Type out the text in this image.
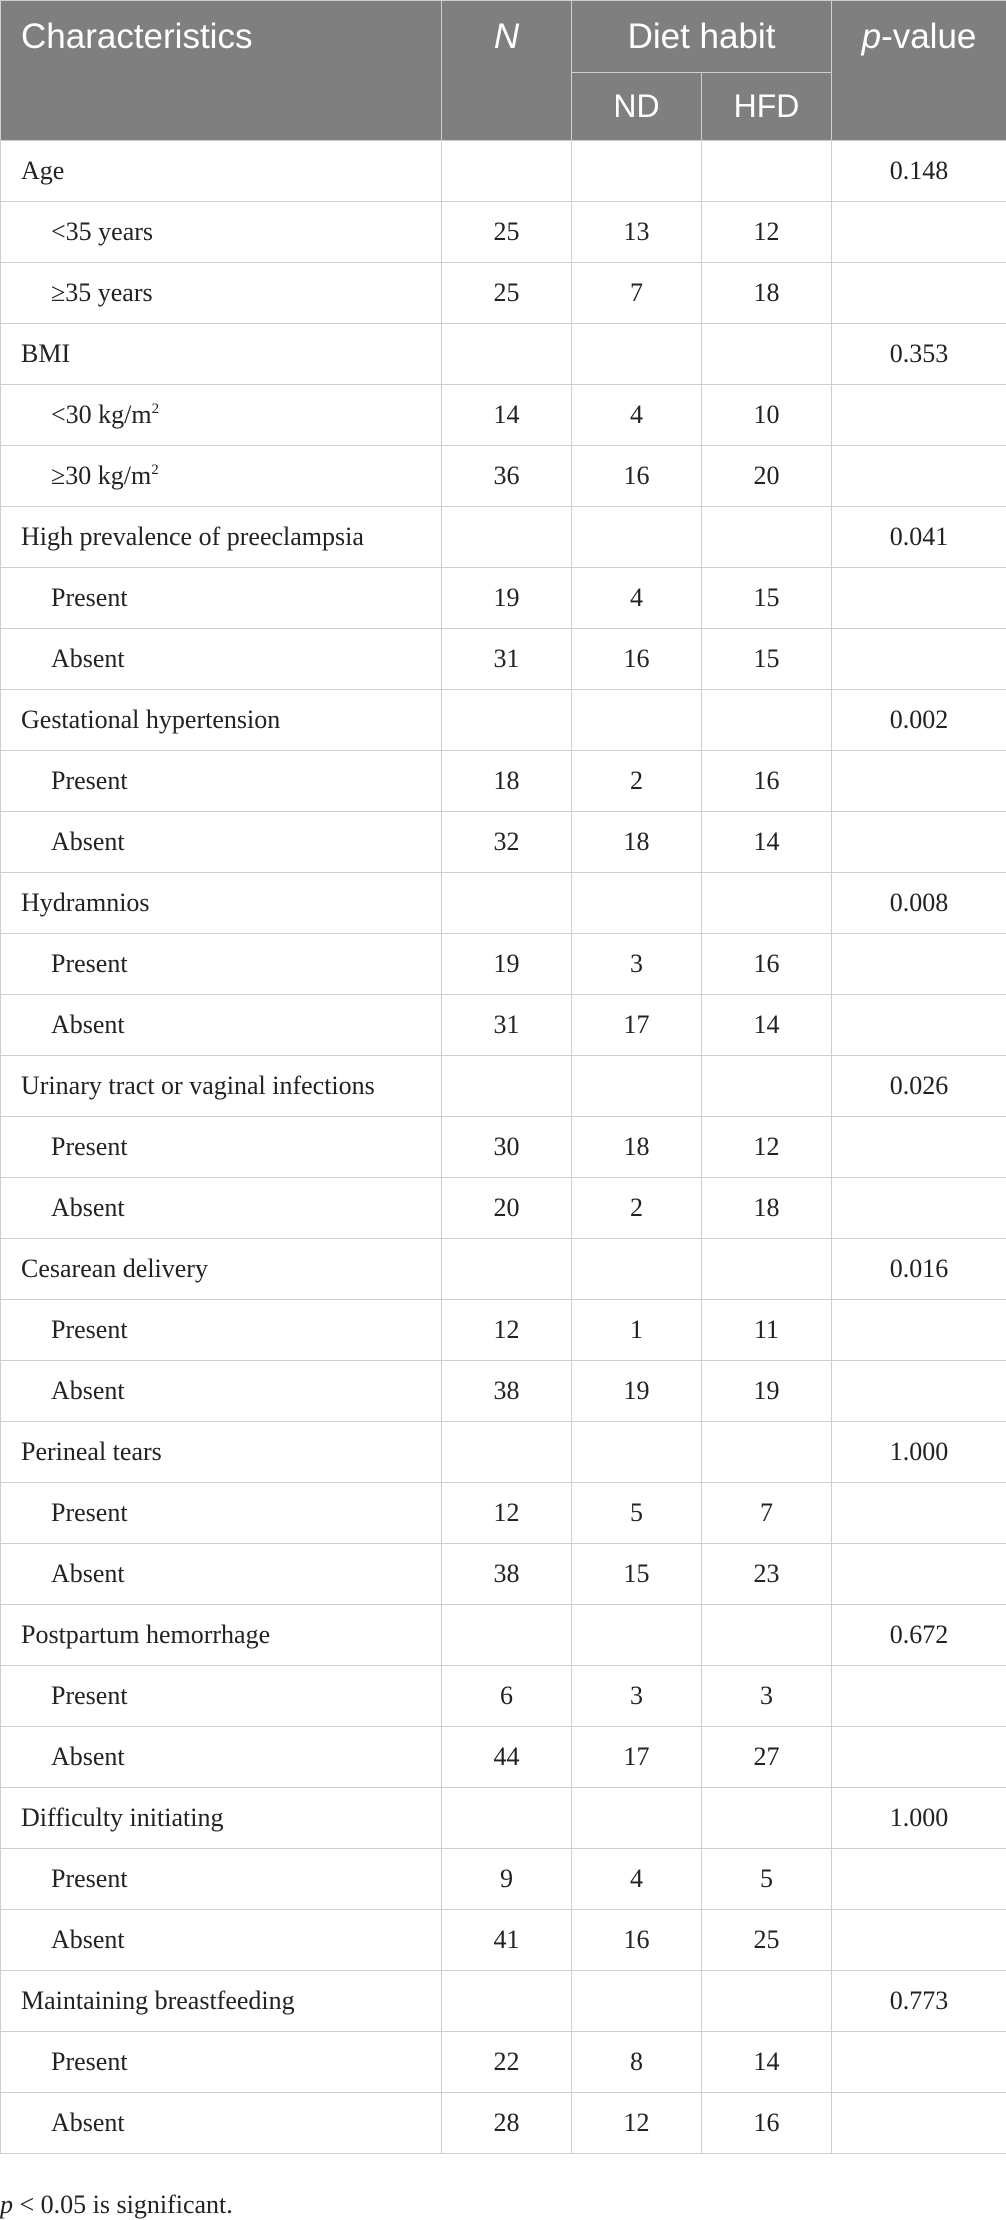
Characteristics	N	Diet habit		p-value
		ND	HFD	
Age				0.148
<35 years	25	13	12	
≥35 years	25	7	18	
BMI				0.353
<30 $kg/m^2$	14	4	10	
≥30 $kg/m^2$	36	16	20	
High prevalence of preeclampsia				0.041
Present	19	4	15	
Absent	31	16	15	
Gestational hypertension				0.002
Present	18	2	16	
Absent	32	18	14	
Hydramnios				0.008
Present	19	3	16	
Absent	31	17	14	
Urinary tract or vaginal infections				0.026
Present	30	18	12	
Absent	20	2	18	
Cesarean delivery				0.016
Present	12	1	11	
Absent	38	19	19	
Perineal tears				1.000
Present	12	5	7	
Absent	38	15	23	
Postpartum hemorrhage				0.672
Present	6	3	3	
Absent	44	17	27	
Difficulty initiating				1.000
Present	9	4	5	
Absent	41	16	25	
Maintaining breastfeeding				0.773
Present	22	8	14	
Absent	28	12	16	
p < 0.05 is significant.
